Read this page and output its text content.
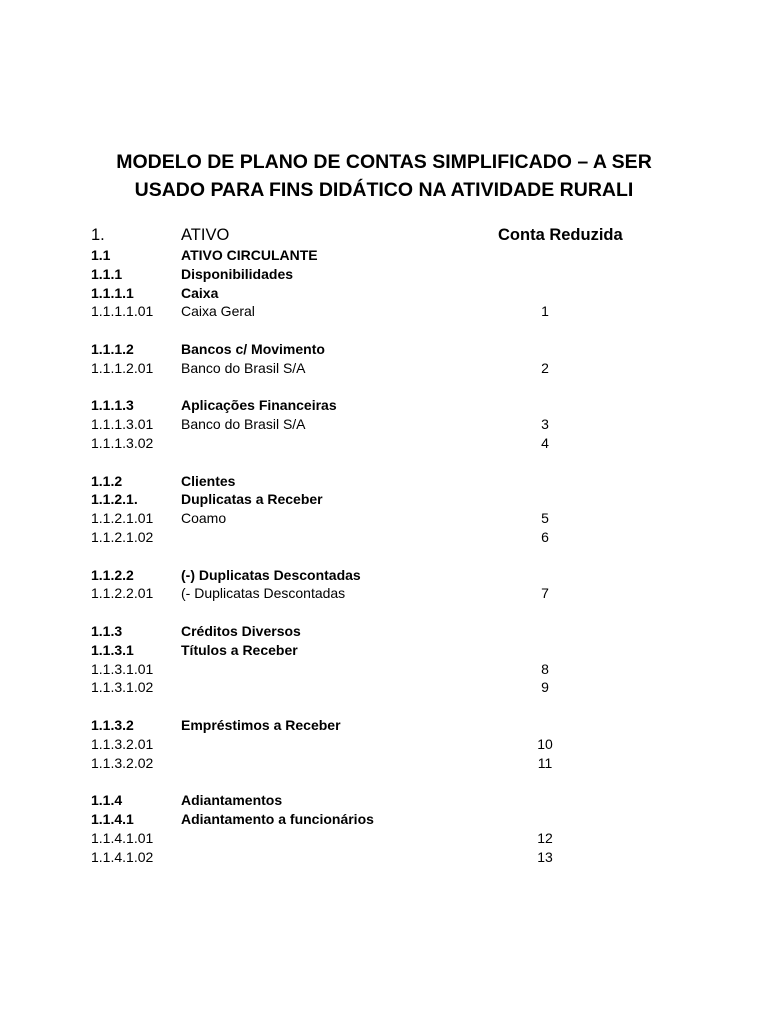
MODELO DE PLANO DE CONTAS SIMPLIFICADO – A SER
USADO PARA FINS DIDÁTICO NA ATIVIDADE RURALI
1.	ATIVO	Conta Reduzida
1.1	ATIVO CIRCULANTE
1.1.1	Disponibilidades
1.1.1.1	Caixa
1.1.1.1.01 Caixa Geral	1
1.1.1.2	Bancos c/ Movimento
1.1.1.2.01 Banco do Brasil S/A	2
1.1.1.3	Aplicações Financeiras
1.1.1.3.01 Banco do Brasil S/A	3
1.1.1.3.02	4
1.1.2	Clientes
1.1.2.1.	Duplicatas a Receber
1.1.2.1.01 Coamo	5
1.1.2.1.02	6
1.1.2.2	(-) Duplicatas Descontadas
1.1.2.2.01 (- Duplicatas Descontadas	7
1.1.3	Créditos Diversos
1.1.3.1	Títulos a Receber
1.1.3.1.01	8
1.1.3.1.02	9
1.1.3.2	Empréstimos a Receber
1.1.3.2.01	10
1.1.3.2.02	11
1.1.4	Adiantamentos
1.1.4.1	Adiantamento a funcionários
1.1.4.1.01	12
1.1.4.1.02	13
